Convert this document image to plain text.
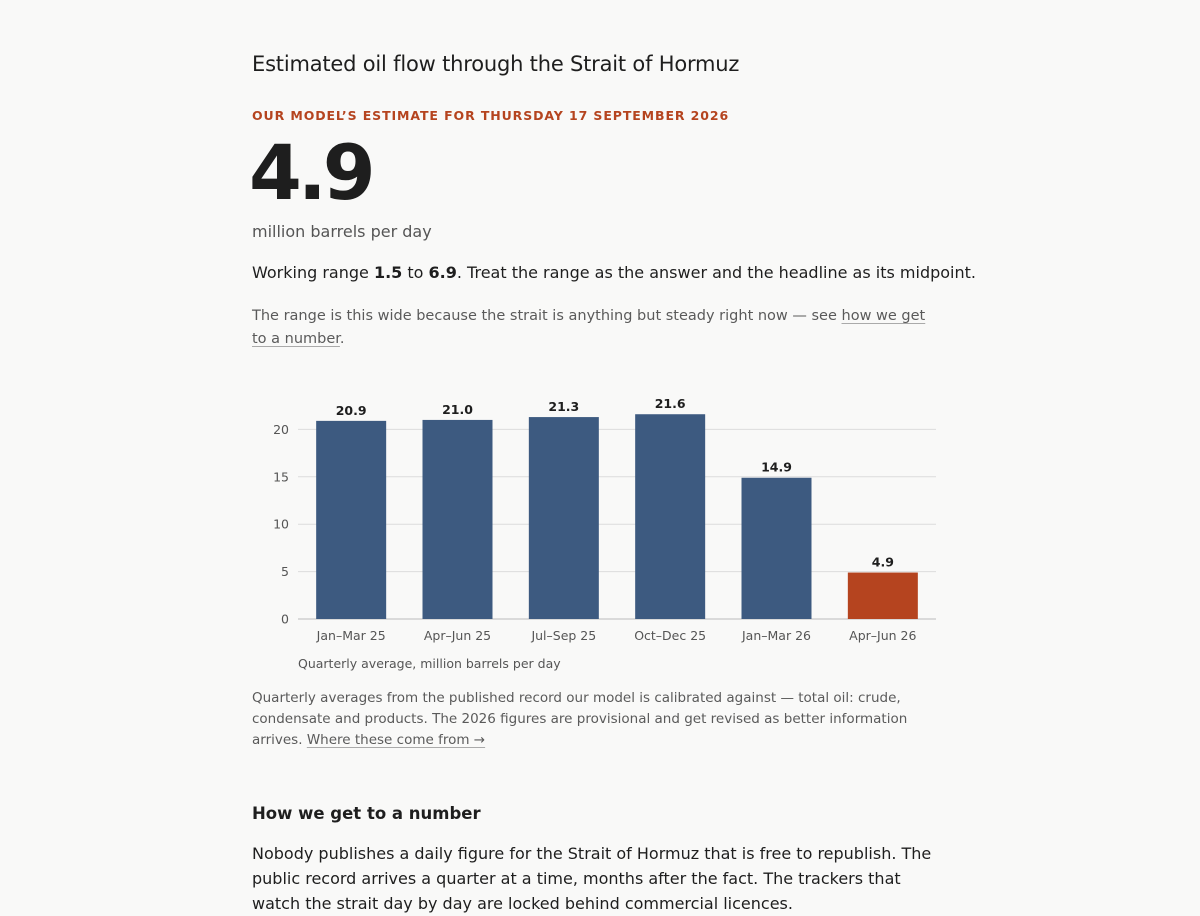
Estimated oil flow through the Strait of Hormuz
OUR MODEL’S ESTIMATE FOR THURSDAY 17 SEPTEMBER 2026
4.9
million barrels per day
Working range 1.5 to 6.9. Treat the range as the answer and the headline as its midpoint.
The range is this wide because the strait is anything but steady right now — see how we get to a number.
0
5
10
15
20
20.9
Jan–Mar 25
21.0
Apr–Jun 25
21.3
Jul–Sep 25
21.6
Oct–Dec 25
14.9
Jan–Mar 26
4.9
Apr–Jun 26
Quarterly average, million barrels per day
Quarterly averages from the published record our model is calibrated against — total oil: crude, condensate and products. The 2026 figures are provisional and get revised as better information arrives. Where these come from →
How we get to a number
Nobody publishes a daily figure for the Strait of Hormuz that is free to republish. The public record arrives a quarter at a time, months after the fact. The trackers that watch the strait day by day are locked behind commercial licences.
